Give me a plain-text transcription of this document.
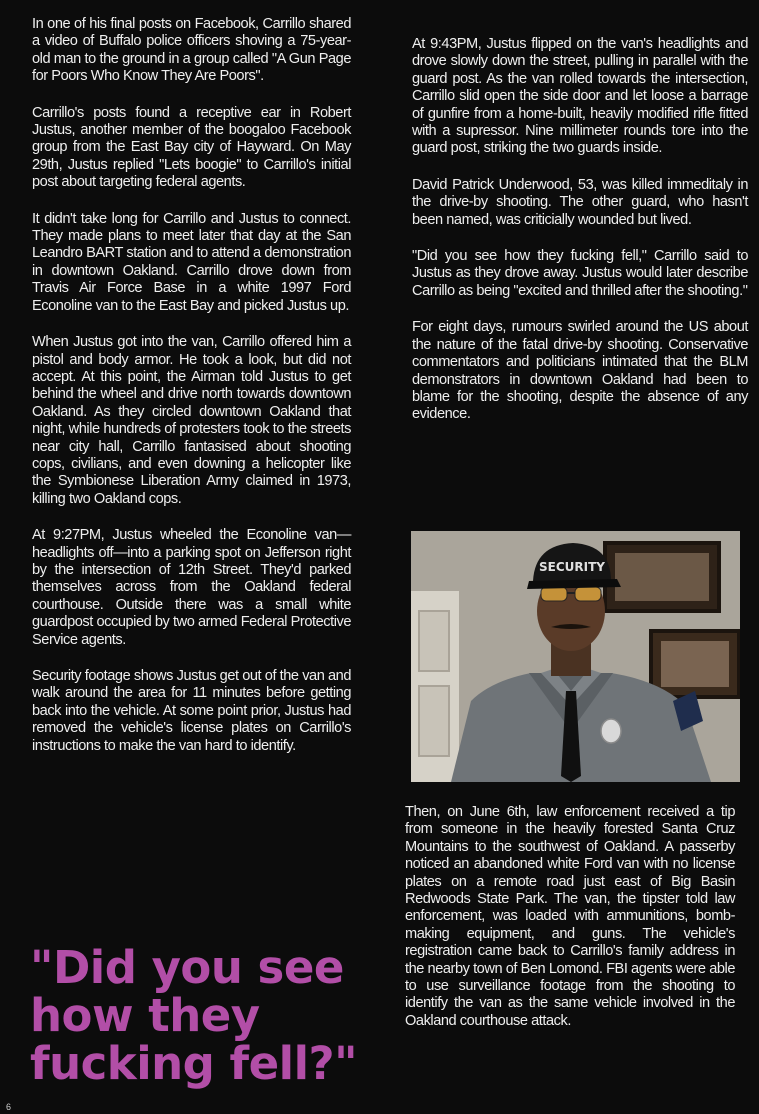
In one of his final posts on Facebook, Carrillo shared a video of Buffalo police officers shoving a 75-year-old man to the ground in a group called "A Gun Page for Poors Who Know They Are Poors".

Carrillo's posts found a receptive ear in Robert Justus, another member of the boogaloo Facebook group from the East Bay city of Hayward. On May 29th, Justus replied "Lets boogie" to Carrillo's initial post about targeting federal agents.

It didn't take long for Carrillo and Justus to connect. They made plans to meet later that day at the San Leandro BART station and to attend a demonstration in downtown Oakland. Carrillo drove down from Travis Air Force Base in a white 1997 Ford Econoline van to the East Bay and picked Justus up.

When Justus got into the van, Carrillo offered him a pistol and body armor. He took a look, but did not accept. At this point, the Airman told Justus to get behind the wheel and drive north towards downtown Oakland. As they circled downtown Oakland that night, while hundreds of protesters took to the streets near city hall, Carrillo fantasised about shooting cops, civilians, and even downing a helicopter like the Symbionese Liberation Army claimed in 1973, killing two Oakland cops.

At 9:27PM, Justus wheeled the Econoline van—headlights off—into a parking spot on Jefferson right by the intersection of 12th Street. They'd parked themselves across from the Oakland federal courthouse. Outside there was a small white guardpost occupied by two armed Federal Protective Service agents.

Security footage shows Justus get out of the van and walk around the area for 11 minutes before getting back into the vehicle. At some point prior, Justus had removed the vehicle's license plates on Carrillo's instructions to make the van hard to identify.

"Did you see how they fucking fell?"

At 9:43PM, Justus flipped on the van's headlights and drove slowly down the street, pulling in parallel with the guard post. As the van rolled towards the intersection, Carrillo slid open the side door and let loose a barrage of gunfire from a home-built, heavily modified rifle fitted with a supressor. Nine millimeter rounds tore into the guard post, striking the two guards inside.

David Patrick Underwood, 53, was killed immeditaly in the drive-by shooting. The other guard, who hasn't been named, was criticially wounded but lived.

"Did you see how they fucking fell," Carrillo said to Justus as they drove away. Justus would later describe Carrillo as being "excited and thrilled after the shooting."

For eight days, rumours swirled around the US about the nature of the fatal drive-by shooting. Conservative commentators and politicians intimated that the BLM demonstrators in downtown Oakland had been to blame for the shooting, despite the absence of any evidence.

SECURITY

Then, on June 6th, law enforcement received a tip from someone in the heavily forested Santa Cruz Mountains to the southwest of Oakland. A passerby noticed an abandoned white Ford van with no license plates on a remote road just east of Big Basin Redwoods State Park. The van, the tipster told law enforcement, was loaded with ammunitions, bomb-making equipment, and guns. The vehicle's registration came back to Carrillo's family address in the nearby town of Ben Lomond. FBI agents were able to use surveillance footage from the shooting to identify the van as the same vehicle involved in the Oakland courthouse attack.

6
